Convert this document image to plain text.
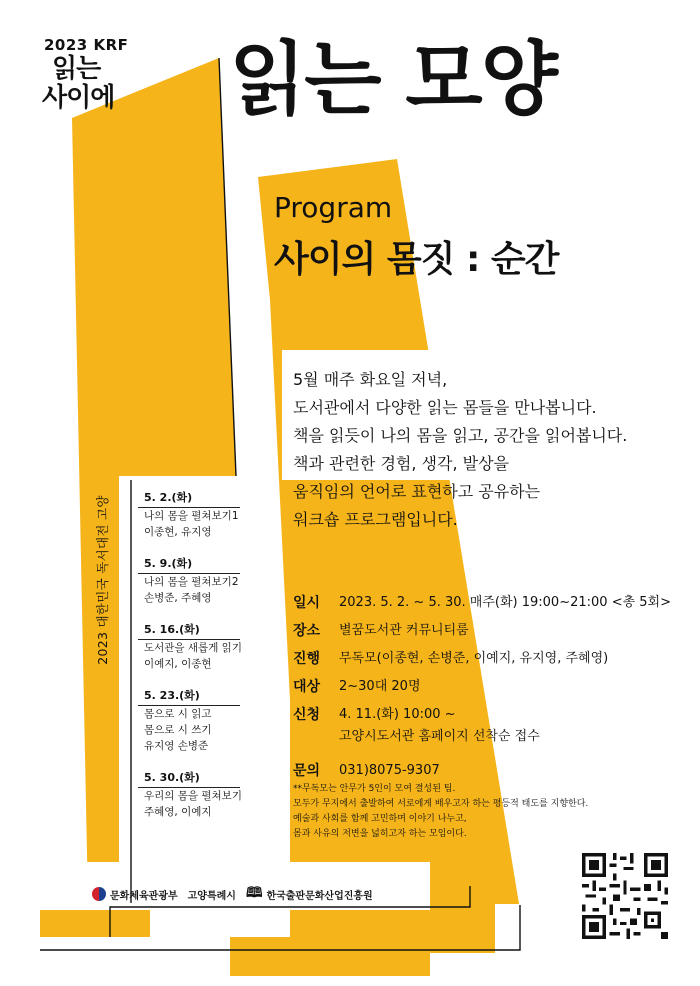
2023 KRF
읽는
사이에 읽는 모양
Program
사이의 몸짓 : 순간
5월 매주 화요일 저녁,
도서관에서 다양한 읽는 몸들을 만나봅니다.
책을 읽듯이 나의 몸을 읽고, 공간을 읽어봅니다.
책과 관련한 경험, 생각, 발상을
움직임의 언어로 표현하고 공유하는
워크숍 프로그램입니다.
2023 대한민국 독서대전 고양	5. 2.(화)
나의 몸을 펼쳐보기1
이종현, 유지영
5. 9.(화)
나의 몸을 펼쳐보기2
손병준, 주혜영
5. 16.(화)
도서관을 새롭게 읽기
이예지, 이종현
5. 23.(화)
몸으로 시 읽고
몸으로 시 쓰기
유지영 손병준
5. 30.(화)
우리의 몸을 펼쳐보기
주혜영, 이예지
일시	2023. 5. 2. ~ 5. 30. 매주(화) 19:00~21:00 <총 5회>
장소	별꿈도서관 커뮤니티룸
진행	무독모(이종현, 손병준, 이예지, 유지영, 주혜영)
대상	2~30대 20명
신청	4. 11.(화) 10:00 ~
고양시도서관 홈페이지 선착순 접수
문의	031)8075-9307
**무독모는 안무가 5인이 모여 결성된 팀.
모두가 무지에서 출발하여 서로에게 배우고자 하는 평등적 태도를 지향한다.
예술과 사회를 함께 고민하며 이야기 나누고,
몸과 사유의 저변을 넓히고자 하는 모임이다.
문화체육관광부 고양특례시 🕮 한국출판문화산업진흥원
